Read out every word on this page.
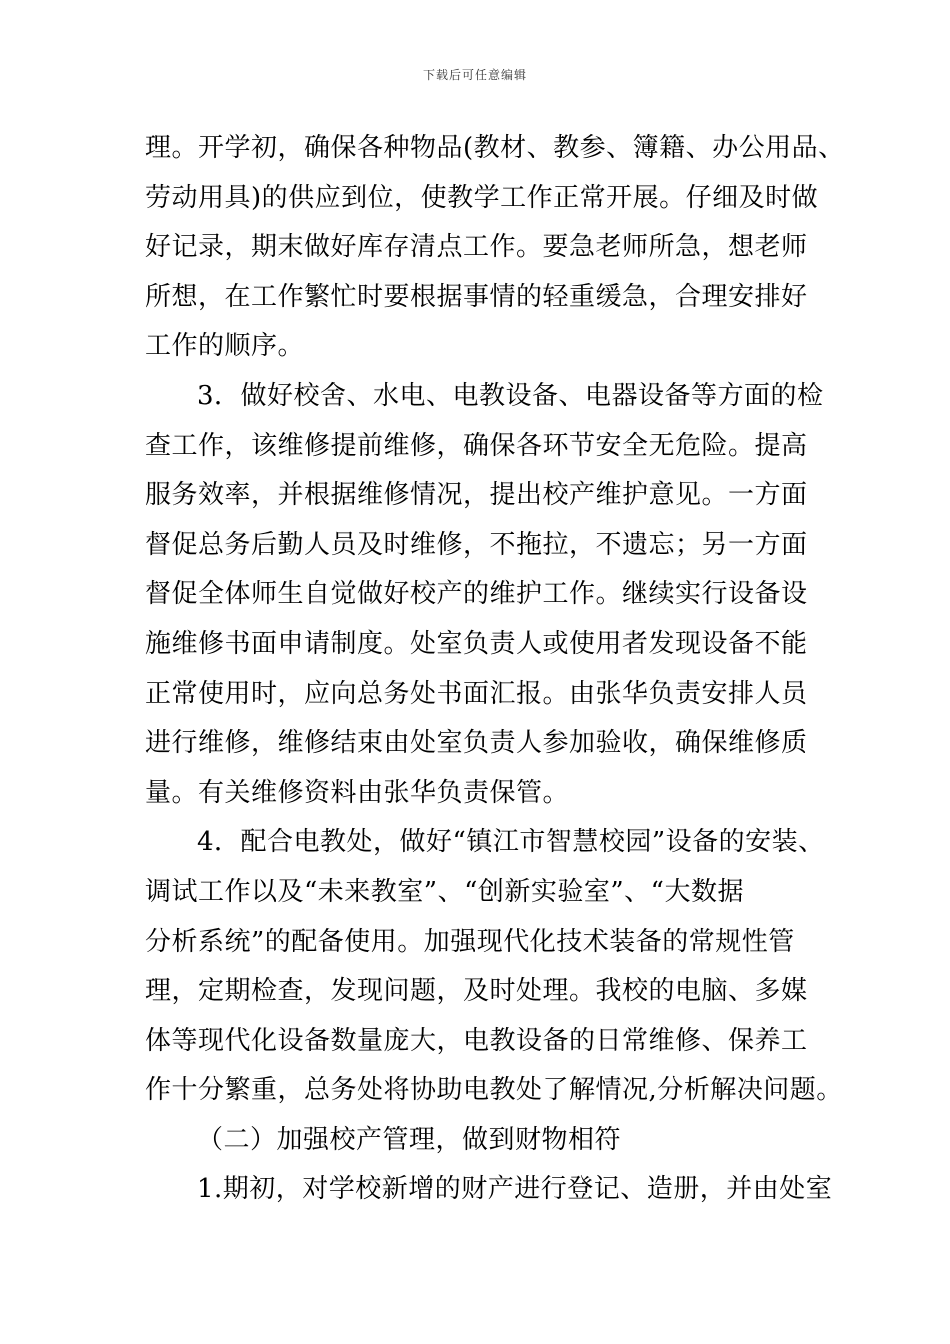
下载后可任意编辑
理。开学初，确保各种物品(教材、教参、簿籍、办公用品、
劳动用具)的供应到位，使教学工作正常开展。仔细及时做
好记录，期末做好库存清点工作。要急老师所急，想老师
所想，在工作繁忙时要根据事情的轻重缓急，合理安排好
工作的顺序。
3．做好校舍、水电、电教设备、电器设备等方面的检
查工作，该维修提前维修，确保各环节安全无危险。提高
服务效率，并根据维修情况，提出校产维护意见。一方面
督促总务后勤人员及时维修，不拖拉，不遗忘；另一方面
督促全体师生自觉做好校产的维护工作。继续实行设备设
施维修书面申请制度。处室负责人或使用者发现设备不能
正常使用时，应向总务处书面汇报。由张华负责安排人员
进行维修，维修结束由处室负责人参加验收，确保维修质
量。有关维修资料由张华负责保管。
4．配合电教处，做好“镇江市智慧校园”设备的安装、
调试工作以及“未来教室”、“创新实验室”、“大数据
分析系统”的配备使用。加强现代化技术装备的常规性管
理，定期检查，发现问题，及时处理。我校的电脑、多媒
体等现代化设备数量庞大，电教设备的日常维修、保养工
作十分繁重，总务处将协助电教处了解情况,分析解决问题。
（二）加强校产管理，做到财物相符
1.期初，对学校新增的财产进行登记、造册，并由处室
